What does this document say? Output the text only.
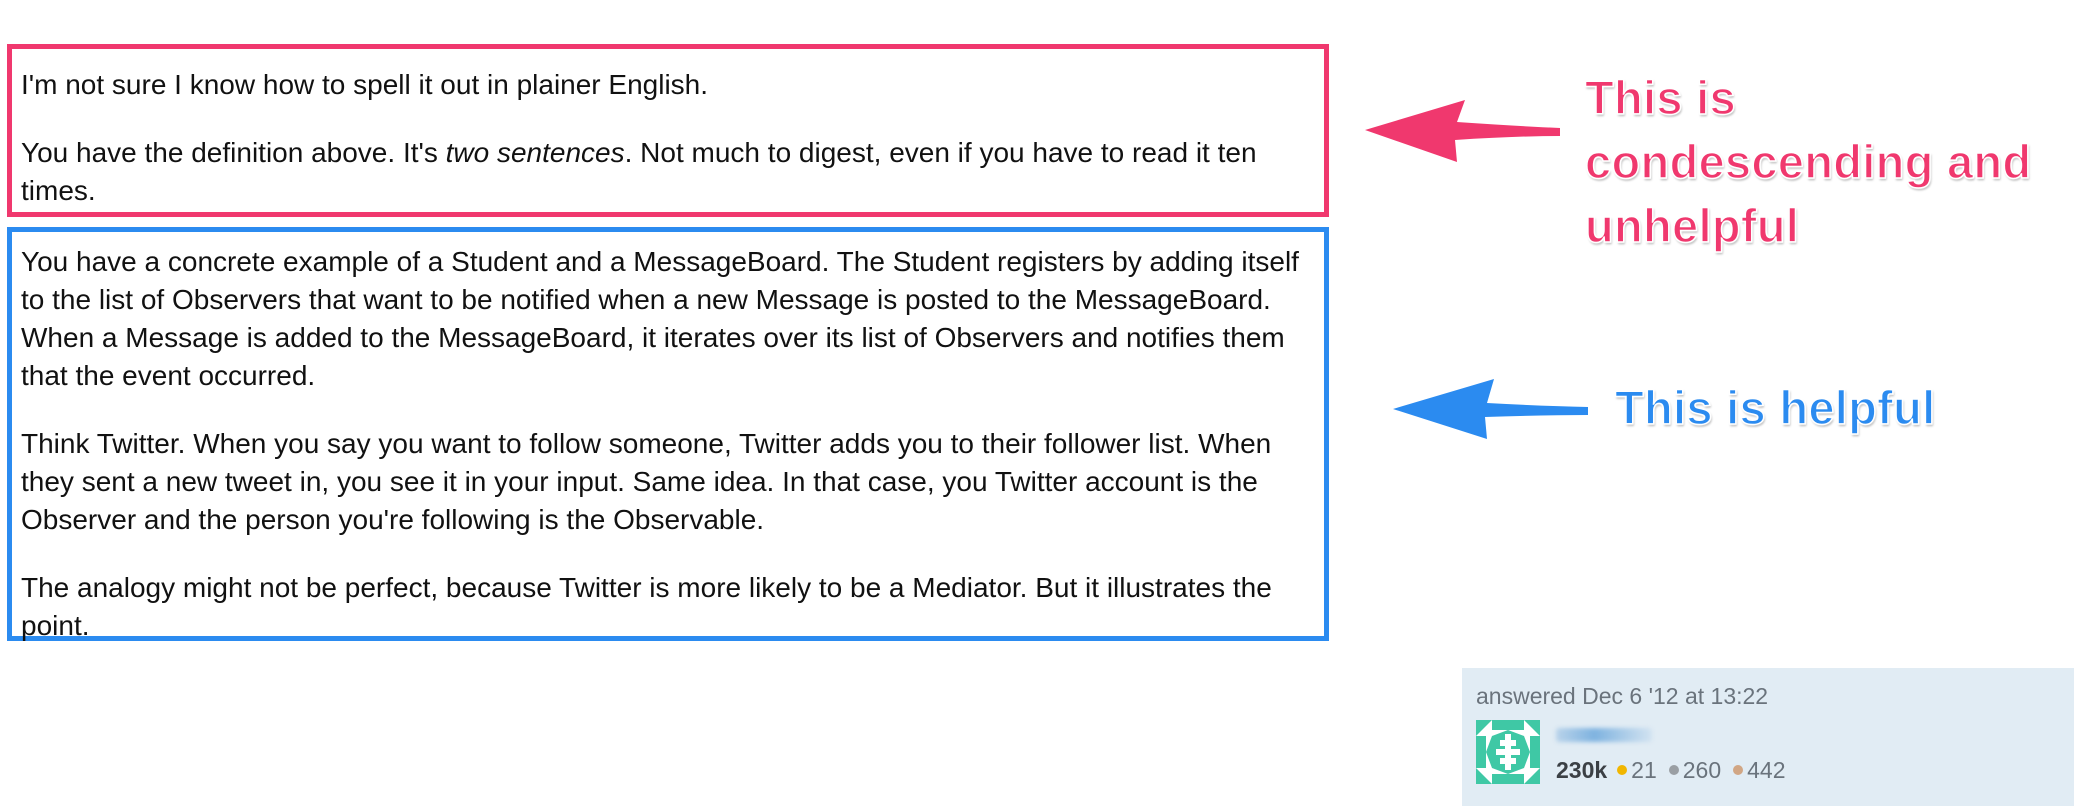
I'm not sure I know how to spell it out in plainer English.

You have the definition above. It's two sentences. Not much to digest, even if you have to read it ten times.

You have a concrete example of a Student and a MessageBoard. The Student registers by adding itself to the list of Observers that want to be notified when a new Message is posted to the MessageBoard. When a Message is added to the MessageBoard, it iterates over its list of Observers and notifies them that the event occurred.

Think Twitter. When you say you want to follow someone, Twitter adds you to their follower list. When they sent a new tweet in, you see it in your input. Same idea. In that case, you Twitter account is the Observer and the person you're following is the Observable.

The analogy might not be perfect, because Twitter is more likely to be a Mediator. But it illustrates the point.

This is
condescending and
unhelpful
This is helpful
answered Dec 6 '12 at 13:22
230k 21 260 442
